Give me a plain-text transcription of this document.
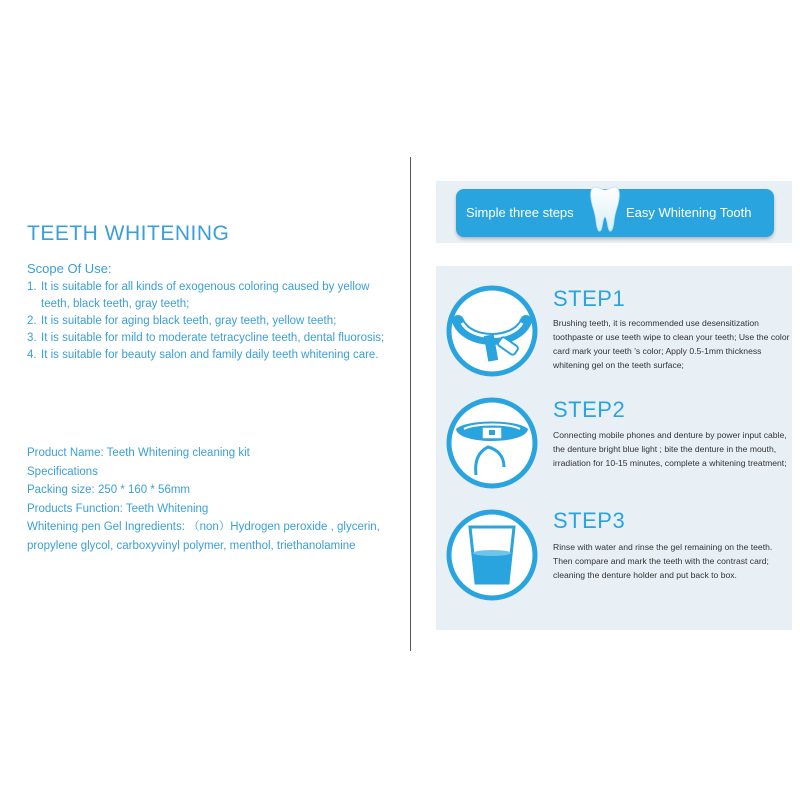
TEETH WHITENING
Scope Of Use:
1. It is suitable for all kinds of exogenous coloring caused by yellow teeth, black teeth, gray teeth;
2. It is suitable for aging black teeth, gray teeth, yellow teeth;
3. It is suitable for mild to moderate tetracycline teeth, dental fluorosis;
4. It is suitable for beauty salon and family daily teeth whitening care.
Product Name: Teeth Whitening cleaning kit
Specifications
Packing size: 250 * 160 * 56mm
Products Function: Teeth Whitening
Whitening pen Gel Ingredients: （non）Hydrogen peroxide , glycerin, propylene glycol, carboxyvinyl polymer, menthol, triethanolamine
Simple three steps	Easy Whitening Tooth
STEP1
Brushing teeth, it is recommended use desensitization toothpaste or use teeth wipe to clean your teeth; Use the color card mark your teeth 's color; Apply 0.5-1mm thickness whitening gel on the teeth surface;
STEP2
Connecting mobile phones and denture by power input cable, the denture bright blue light ; bite the denture in the mouth, irradiation for 10-15 minutes, complete a whitening treatment;
STEP3
Rinse with water and rinse the gel remaining on the teeth. Then compare and mark the teeth with the contrast card; cleaning the denture holder and put back to box.
